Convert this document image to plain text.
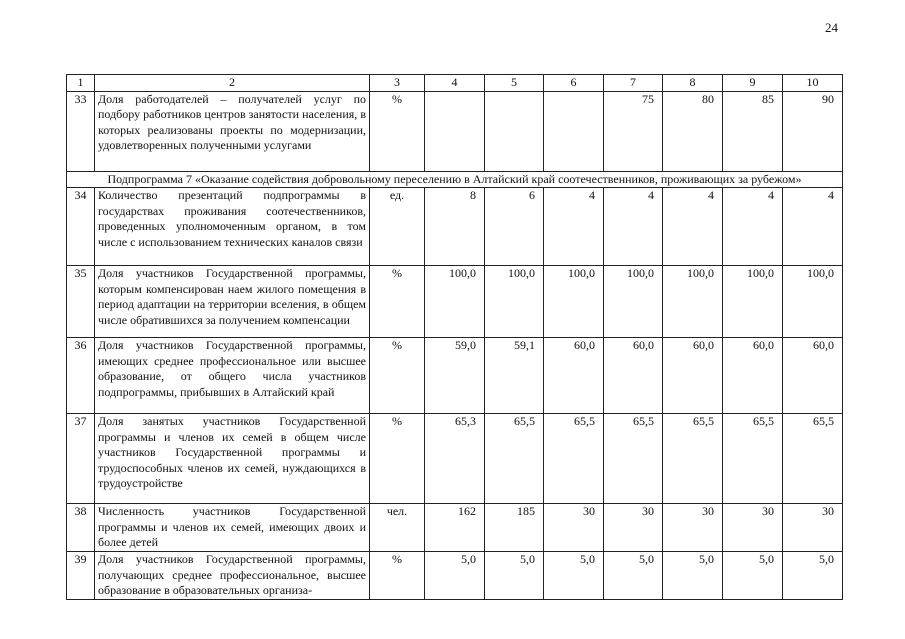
24
1	2	3	4	5	6	7	8	9	10
33	Доля работодателей – получателей услуг по подбору работников центров занятости населения, в которых реализованы проекты по модернизации, удовлетворенных полученными услугами	%				75	80	85	90
Подпрограмма 7 «Оказание содействия добровольному переселению в Алтайский край соотечественников, проживающих за рубежом»									
34	Количество презентаций подпрограммы в государствах проживания соотечественников, проведенных уполномоченным органом, в том числе с использованием технических каналов связи	ед.	8	6	4	4	4	4	4
35	Доля участников Государственной программы, которым компенсирован наем жилого помещения в период адаптации на территории вселения, в общем числе обратившихся за получением компенсации	%	100,0	100,0	100,0	100,0	100,0	100,0	100,0
36	Доля участников Государственной программы, имеющих среднее профессиональное или высшее образование, от общего числа участников подпрограммы, прибывших в Алтайский край	%	59,0	59,1	60,0	60,0	60,0	60,0	60,0
37	Доля занятых участников Государственной программы и членов их семей в общем числе участников Государственной программы и трудоспособных членов их семей, нуждающихся в трудоустройстве	%	65,3	65,5	65,5	65,5	65,5	65,5	65,5
38	Численность участников Государственной программы и членов их семей, имеющих двоих и более детей	чел.	162	185	30	30	30	30	30
39	Доля участников Государственной программы, получающих среднее профессиональное, высшее образование в образовательных организа-	%	5,0	5,0	5,0	5,0	5,0	5,0	5,0
